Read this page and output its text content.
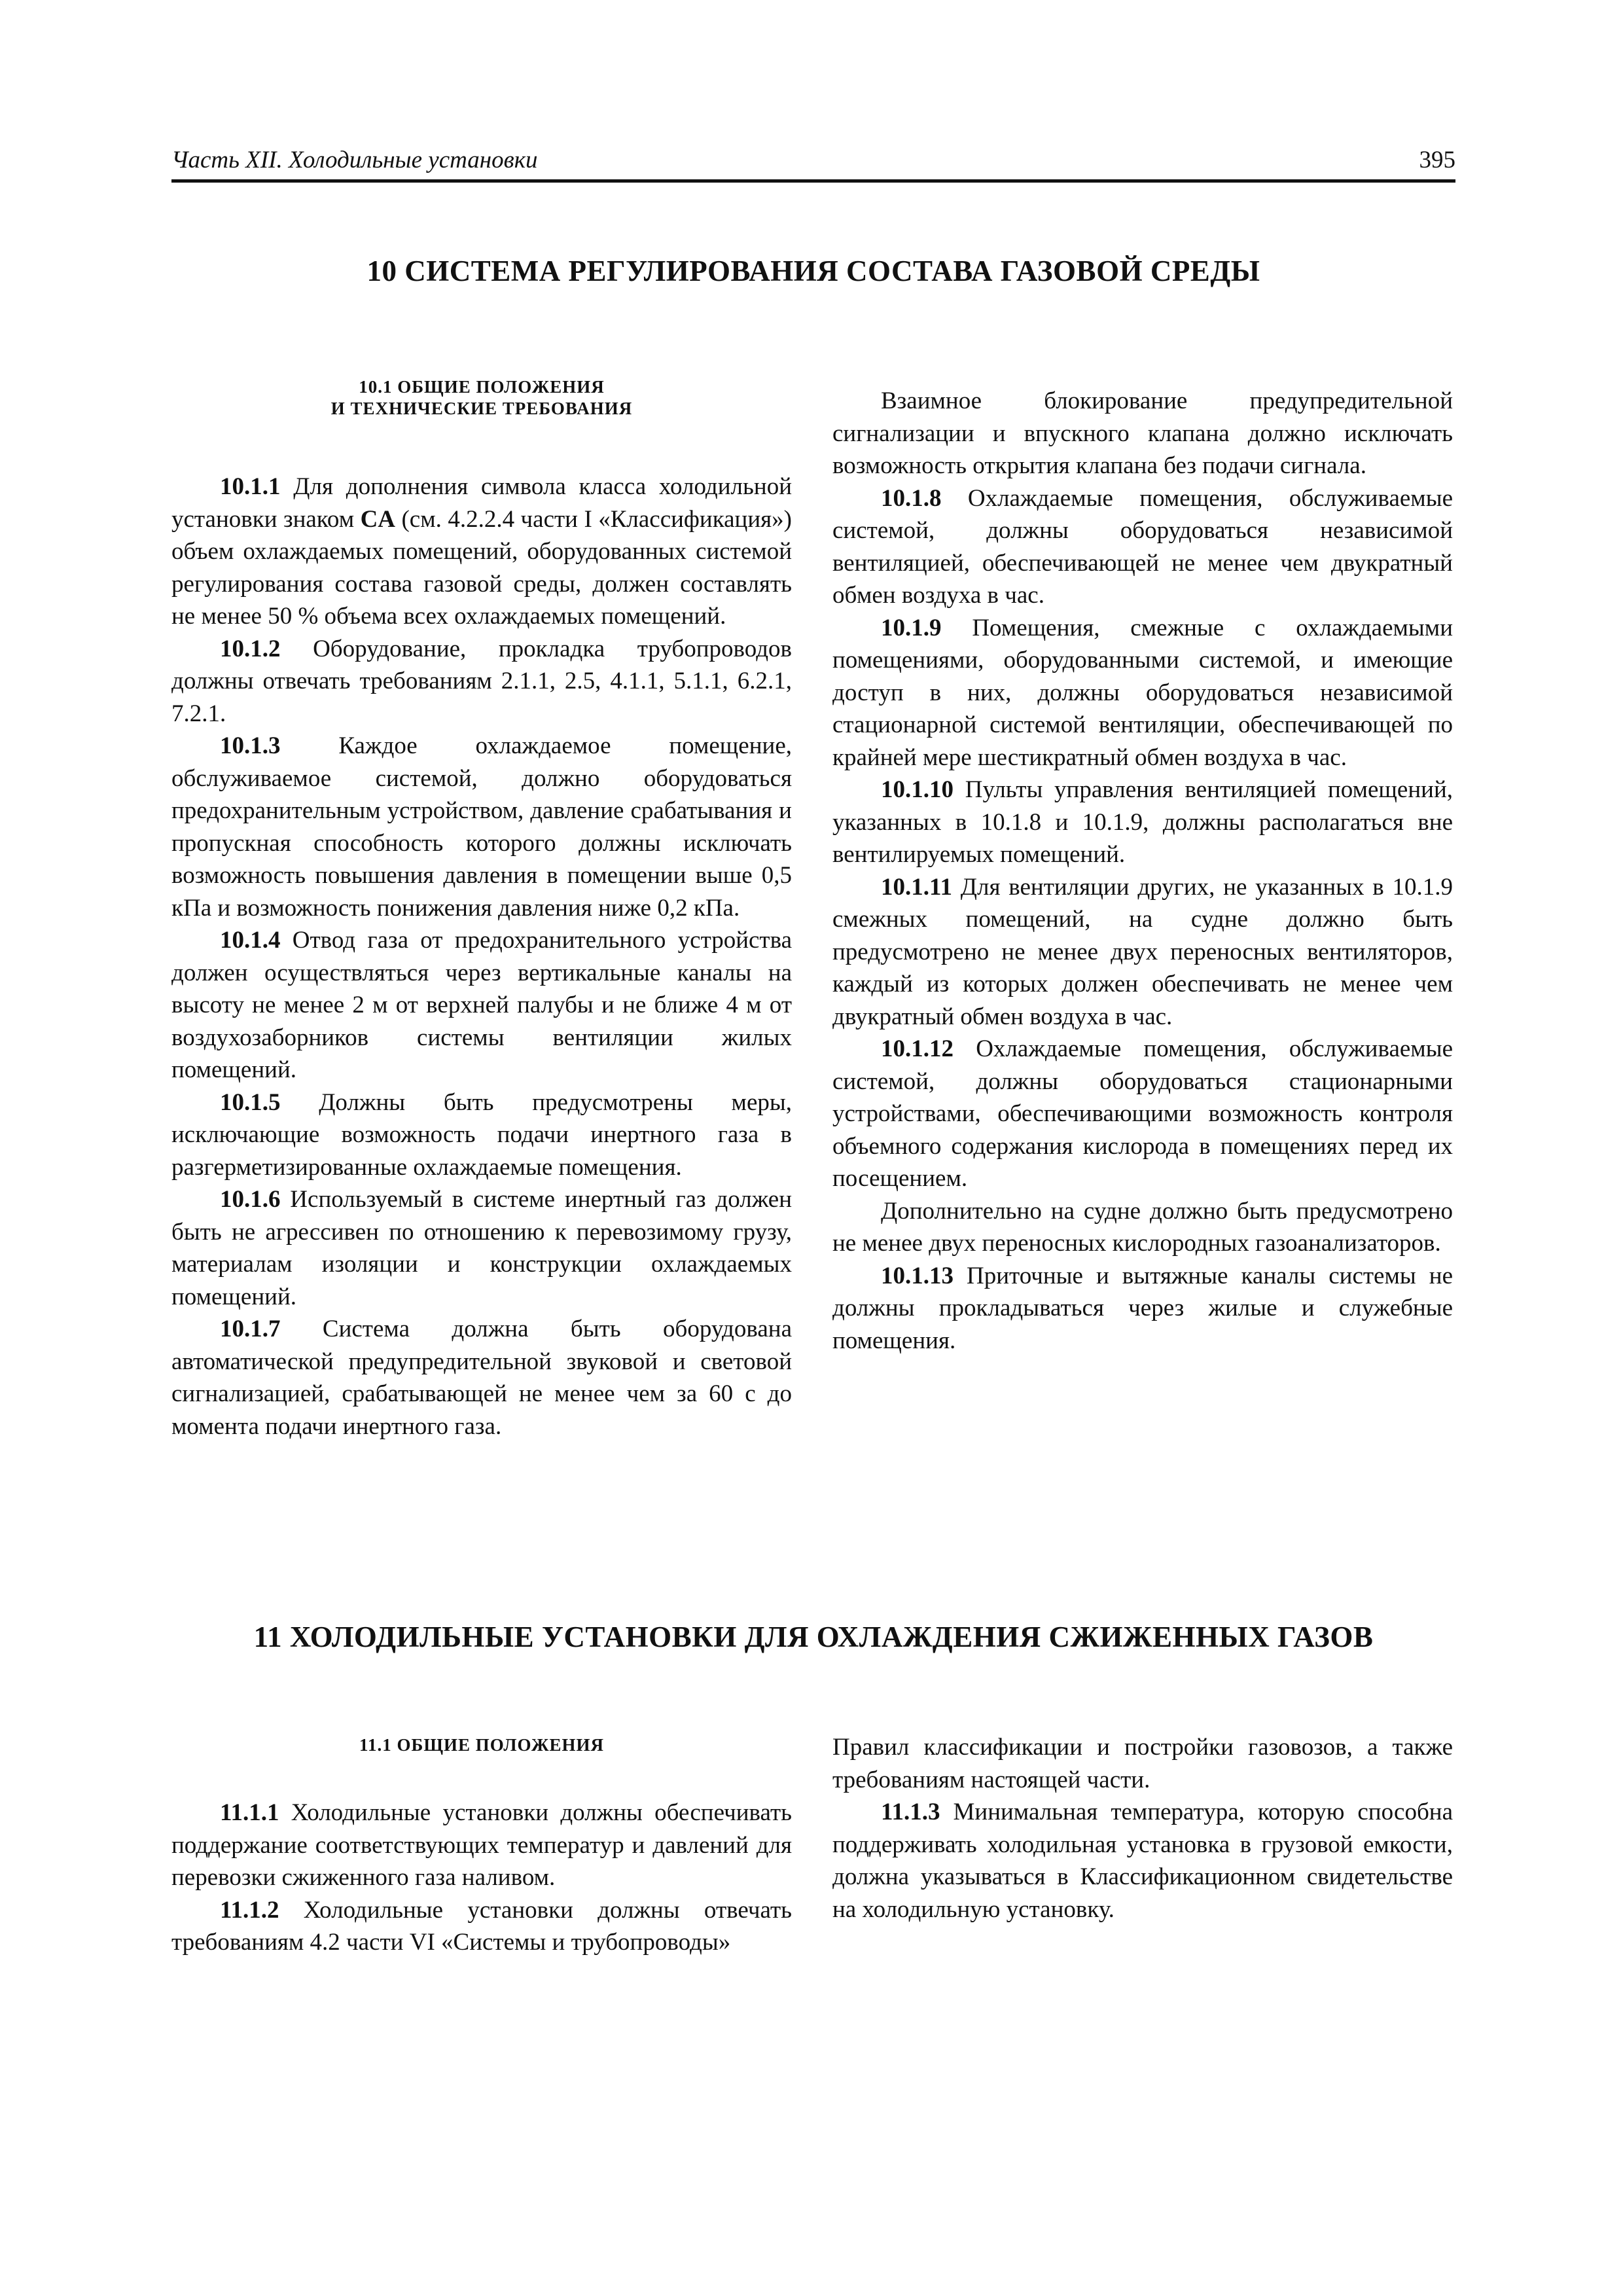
Часть XII. Холодильные установки	395
10 СИСТЕМА РЕГУЛИРОВАНИЯ СОСТАВА ГАЗОВОЙ СРЕДЫ
10.1 ОБЩИЕ ПОЛОЖЕНИЯ
И ТЕХНИЧЕСКИЕ ТРЕБОВАНИЯ

10.1.1 Для дополнения символа класса холодильной установки знаком CA (см. 4.2.2.4 части I «Классификация») объем охлаждаемых помещений, оборудованных системой регулирования состава газовой среды, должен составлять не менее 50 % объема всех охлаждаемых помещений.

10.1.2 Оборудование, прокладка трубопроводов должны отвечать требованиям 2.1.1, 2.5, 4.1.1, 5.1.1, 6.2.1, 7.2.1.

10.1.3 Каждое охлаждаемое помещение, обслуживаемое системой, должно оборудоваться предохранительным устройством, давление срабатывания и пропускная способность которого должны исключать возможность повышения давления в помещении выше 0,5 кПа и возможность понижения давления ниже 0,2 кПа.

10.1.4 Отвод газа от предохранительного устройства должен осуществляться через вертикальные каналы на высоту не менее 2 м от верхней палубы и не ближе 4 м от воздухозаборников системы вентиляции жилых помещений.

10.1.5 Должны быть предусмотрены меры, исключающие возможность подачи инертного газа в разгерметизированные охлаждаемые помещения.

10.1.6 Используемый в системе инертный газ должен быть не агрессивен по отношению к перевозимому грузу, материалам изоляции и конструкции охлаждаемых помещений.

10.1.7 Система должна быть оборудована автоматической предупредительной звуковой и световой сигнализацией, срабатывающей не менее чем за 60 с до момента подачи инертного газа.

Взаимное блокирование предупредительной сигнализации и впускного клапана должно исключать возможность открытия клапана без подачи сигнала.

10.1.8 Охлаждаемые помещения, обслуживаемые системой, должны оборудоваться независимой вентиляцией, обеспечивающей не менее чем двукратный обмен воздуха в час.

10.1.9 Помещения, смежные с охлаждаемыми помещениями, оборудованными системой, и имеющие доступ в них, должны оборудоваться независимой стационарной системой вентиляции, обеспечивающей по крайней мере шестикратный обмен воздуха в час.

10.1.10 Пульты управления вентиляцией помещений, указанных в 10.1.8 и 10.1.9, должны располагаться вне вентилируемых помещений.

10.1.11 Для вентиляции других, не указанных в 10.1.9 смежных помещений, на судне должно быть предусмотрено не менее двух переносных вентиляторов, каждый из которых должен обеспечивать не менее чем двукратный обмен воздуха в час.

10.1.12 Охлаждаемые помещения, обслуживаемые системой, должны оборудоваться стационарными устройствами, обеспечивающими возможность контроля объемного содержания кислорода в помещениях перед их посещением.

Дополнительно на судне должно быть предусмотрено не менее двух переносных кислородных газоанализаторов.

10.1.13 Приточные и вытяжные каналы системы не должны прокладываться через жилые и служебные помещения.

11 ХОЛОДИЛЬНЫЕ УСТАНОВКИ ДЛЯ ОХЛАЖДЕНИЯ СЖИЖЕННЫХ ГАЗОВ
11.1 ОБЩИЕ ПОЛОЖЕНИЯ

11.1.1 Холодильные установки должны обеспечивать поддержание соответствующих температур и давлений для перевозки сжиженного газа наливом.

11.1.2 Холодильные установки должны отвечать требованиям 4.2 части VI «Системы и трубопроводы»

Правил классификации и постройки газовозов, а также требованиям настоящей части.

11.1.3 Минимальная температура, которую способна поддерживать холодильная установка в грузовой емкости, должна указываться в Классификационном свидетельстве на холодильную установку.
